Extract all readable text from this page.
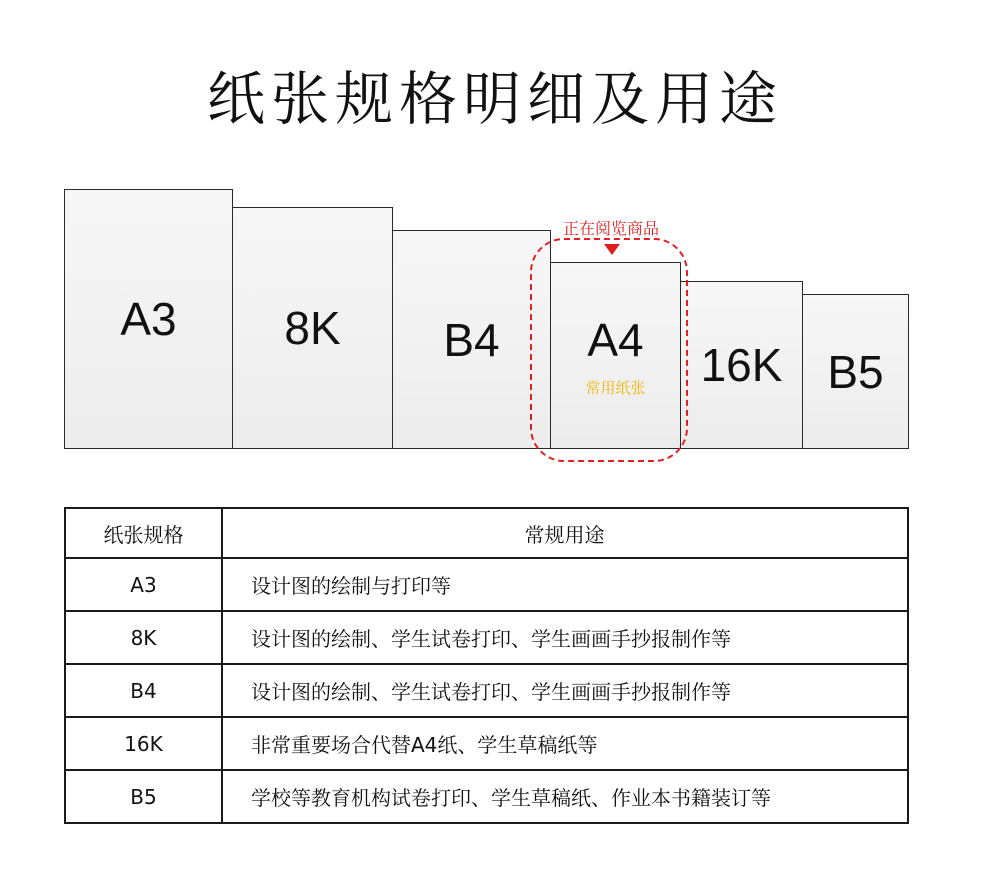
纸张规格明细及用途
A3 8K B4 A4
常用纸张 16K B5
正在阅览商品
纸张规格	常规用途
A3	设计图的绘制与打印等
8K	设计图的绘制、学生试卷打印、学生画画手抄报制作等
B4	设计图的绘制、学生试卷打印、学生画画手抄报制作等
16K	非常重要场合代替A4纸、学生草稿纸等
B5	学校等教育机构试卷打印、学生草稿纸、作业本书籍装订等
